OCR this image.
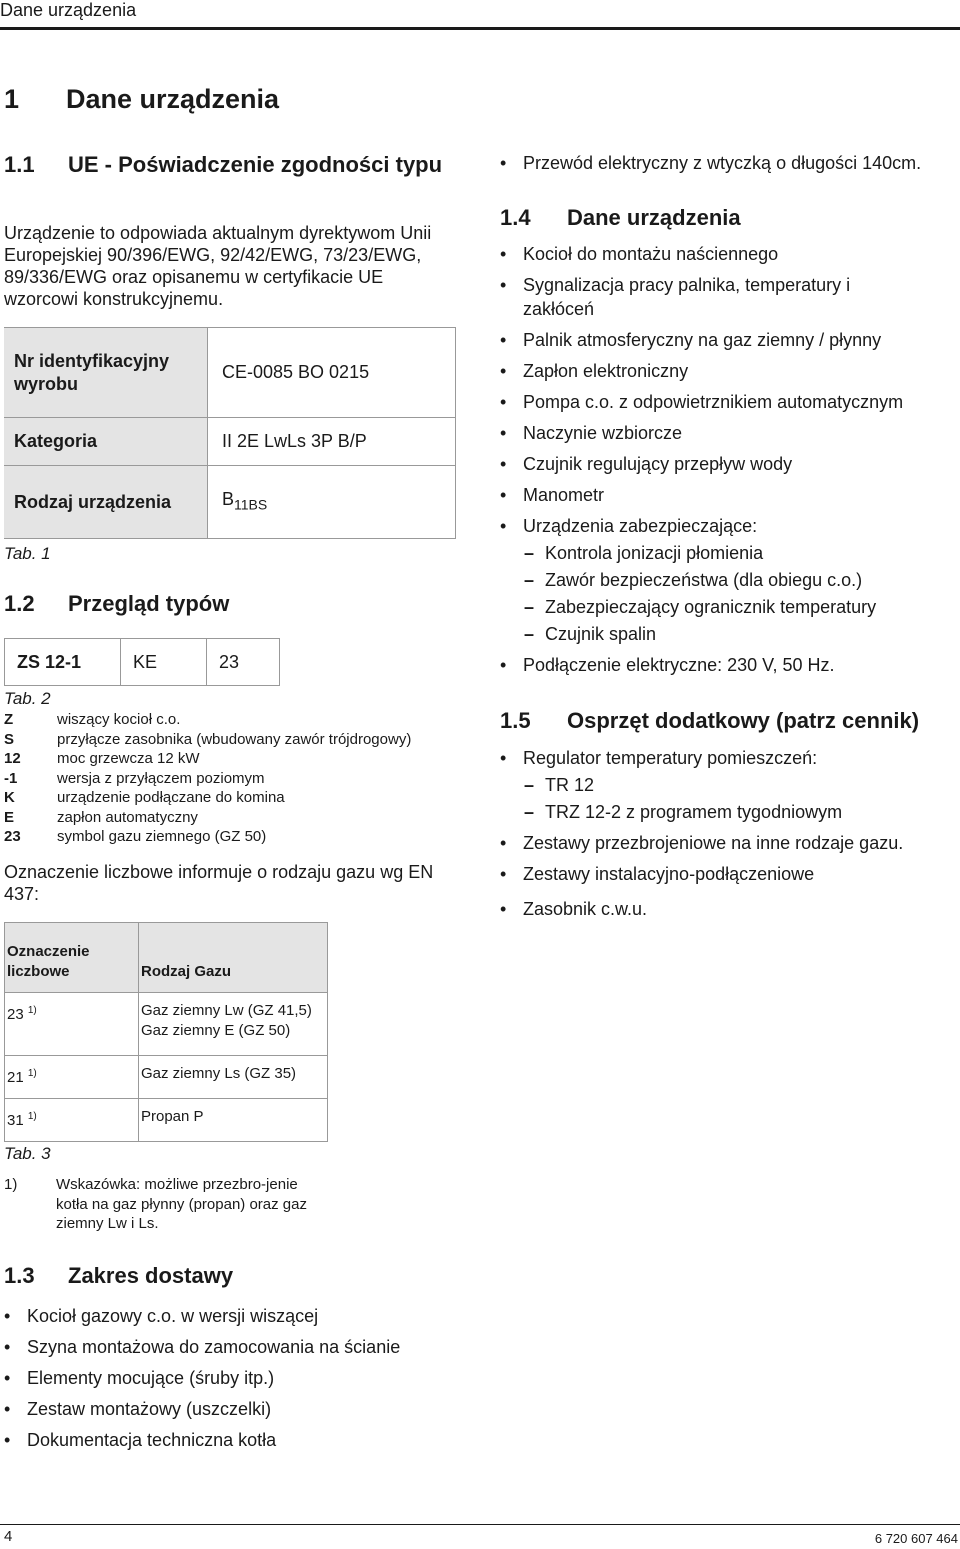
Dane urządzenia
1 Dane urządzenia
1.1	UE - Poświadczenie zgodności typu

Urządzenie to odpowiada aktualnym dyrektywom Unii Europejskiej 90/396/EWG, 92/42/EWG, 73/23/EWG, 89/336/EWG oraz opisanemu w certyfikacie UE wzorcowi konstrukcyjnemu.

Nr identyfikacyjny wyrobu	CE-0085 BO 0215
Kategoria	II 2E LwLs 3P B/P
Rodzaj urządzenia	$B_{11BS}$
Tab. 1
1.2 Przegląd typów
ZS 12-1	KE	23
Tab. 2
Z	wiszący kocioł c.o.
S	przyłącze zasobnika (wbudowany zawór trójdrogowy)
12 moc grzewcza 12 kW
-1	wersja z przyłączem poziomym
K	urządzenie podłączane do komina
E	zapłon automatyczny
23 symbol gazu ziemnego (GZ 50)

Oznaczenie liczbowe informuje o rodzaju gazu wg EN 437:

Oznaczenie liczbowe	Rodzaj Gazu
23 $^{1)}$	Gaz ziemny Lw (GZ 41,5)
Gaz ziemny E (GZ 50)

21 $^{1)}$	Gaz ziemny Ls (GZ 35)

31 $^{1)}$	Propan P
Tab. 3
1)	Wskazówka: możliwe przezbro-jenie kotła na gaz płynny (propan) oraz gaz ziemny Lw i Ls.
1.3 Zakres dostawy
• Kocioł gazowy c.o. w wersji wiszącej
• Szyna montażowa do zamocowania na ścianie
• Elementy mocujące (śruby itp.)
• Zestaw montażowy (uszczelki)
• Dokumentacja techniczna kotła
• Przewód elektryczny z wtyczką o długości 140cm.
1.4 Dane urządzenia
• Kocioł do montażu naściennego
• Sygnalizacja pracy palnika, temperatury i zakłóceń
• Palnik atmosferyczny na gaz ziemny / płynny
• Zapłon elektroniczny
• Pompa c.o. z odpowietrznikiem automatycznym
• Naczynie wzbiorcze
• Czujnik regulujący przepływ wody
• Manometr
• Urządzenia zabezpieczające:
– Kontrola jonizacji płomienia
– Zawór bezpieczeństwa (dla obiegu c.o.)
– Zabezpieczający ogranicznik temperatury
– Czujnik spalin
• Podłączenie elektryczne: 230 V, 50 Hz.
1.5 Osprzęt dodatkowy (patrz cennik)
• Regulator temperatury pomieszczeń:
– TR 12
– TRZ 12-2 z programem tygodniowym
• Zestawy przezbrojeniowe na inne rodzaje gazu.
• Zestawy instalacyjno-podłączeniowe
• Zasobnik c.w.u.
4	6 720 607 464
